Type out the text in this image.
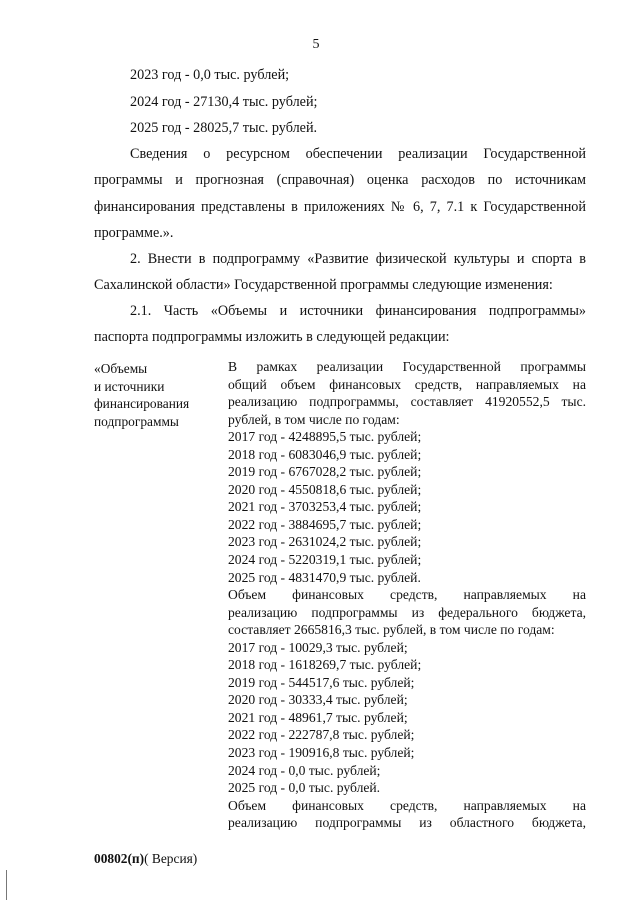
5
2023 год - 0,0 тыс. рублей;
2024 год - 27130,4 тыс. рублей;
2025 год - 28025,7 тыс. рублей.
Сведения о ресурсном обеспечении реализации Государственной
программы и прогнозная (справочная) оценка расходов по источникам
финансирования представлены в приложениях № 6, 7, 7.1 к Государственной
программе.».
2. Внести в подпрограмму «Развитие физической культуры и спорта в
Сахалинской области» Государственной программы следующие изменения:
2.1. Часть «Объемы и источники финансирования подпрограммы»
паспорта подпрограммы изложить в следующей редакции:
«Объемы
и источники
финансирования
подпрограммы
В рамках реализации Государственной программы
общий объем финансовых средств, направляемых на
реализацию подпрограммы, составляет 41920552,5 тыс.
рублей, в том числе по годам:
2017 год - 4248895,5 тыс. рублей;
2018 год - 6083046,9 тыс. рублей;
2019 год - 6767028,2 тыс. рублей;
2020 год - 4550818,6 тыс. рублей;
2021 год - 3703253,4 тыс. рублей;
2022 год - 3884695,7 тыс. рублей;
2023 год - 2631024,2 тыс. рублей;
2024 год - 5220319,1 тыс. рублей;
2025 год - 4831470,9 тыс. рублей.
Объем финансовых средств, направляемых на
реализацию подпрограммы из федерального бюджета,
составляет 2665816,3 тыс. рублей, в том числе по годам:
2017 год - 10029,3 тыс. рублей;
2018 год - 1618269,7 тыс. рублей;
2019 год - 544517,6 тыс. рублей;
2020 год - 30333,4 тыс. рублей;
2021 год - 48961,7 тыс. рублей;
2022 год - 222787,8 тыс. рублей;
2023 год - 190916,8 тыс. рублей;
2024 год - 0,0 тыс. рублей;
2025 год - 0,0 тыс. рублей.
Объем финансовых средств, направляемых на
реализацию подпрограммы из областного бюджета,
00802(п)( Версия)
